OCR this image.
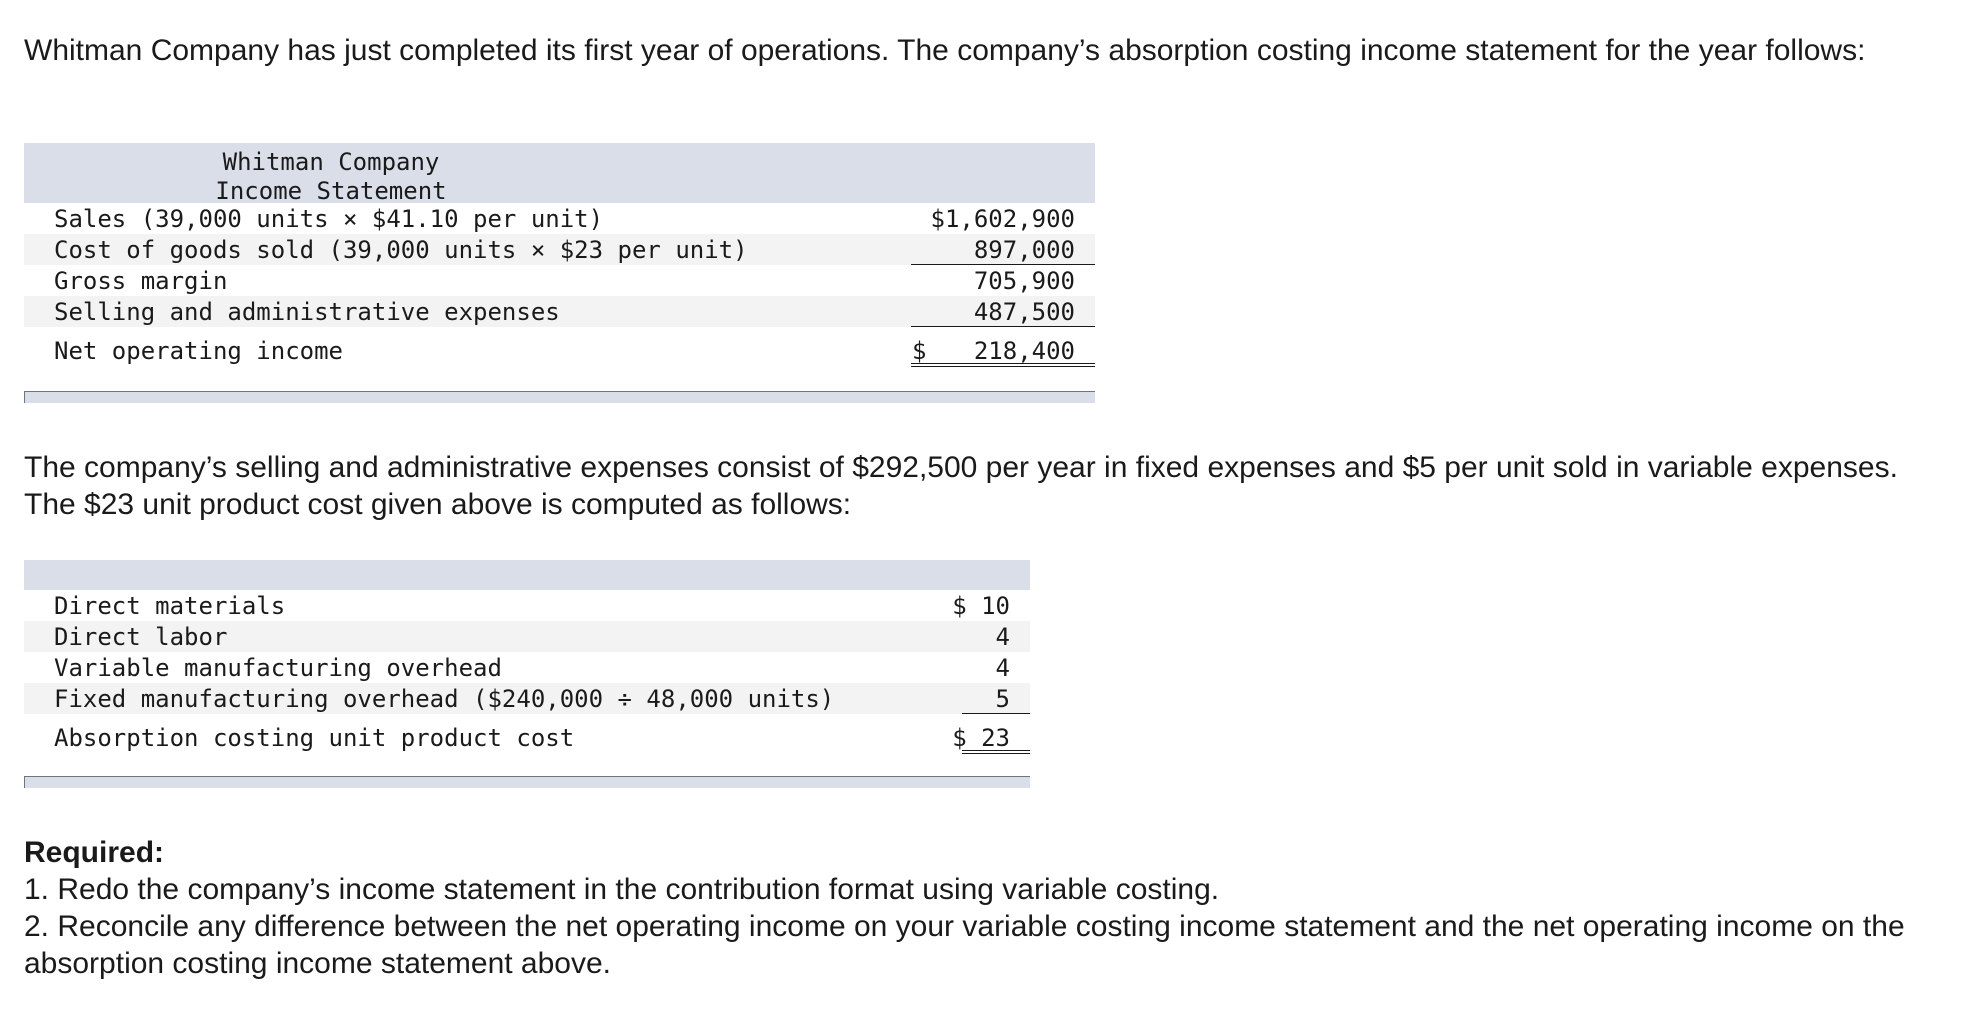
Whitman Company has just completed its first year of operations. The company’s absorption costing income statement for the year follows:

Whitman Company
Income Statement
Sales (39,000 units × $41.10 per unit)	$1,602,900
Cost of goods sold (39,000 units × $23 per unit)	897,000
Gross margin	705,900
Selling and administrative expenses	487,500
Net operating income	$ 218,400

The company’s selling and administrative expenses consist of $292,500 per year in fixed expenses and $5 per unit sold in variable expenses. The $23 unit product cost given above is computed as follows:

Direct materials	$ 10
Direct labor	4
Variable manufacturing overhead	4
Fixed manufacturing overhead ($240,000 ÷ 48,000 units)	5
Absorption costing unit product cost	$ 23
Required:
1. Redo the company’s income statement in the contribution format using variable costing.
2. Reconcile any difference between the net operating income on your variable costing income statement and the net operating income on the absorption costing income statement above.
